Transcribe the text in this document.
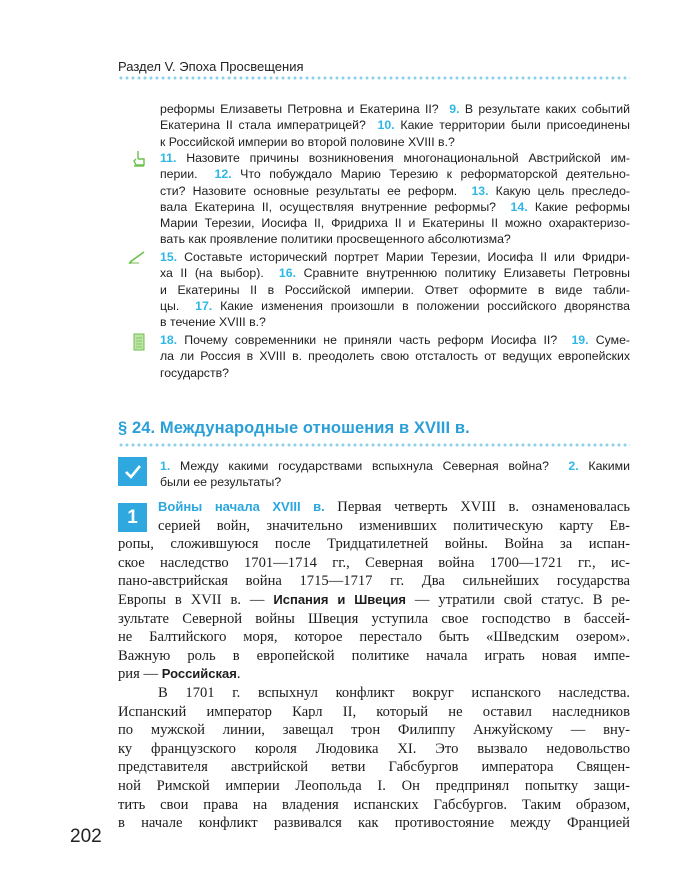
Раздел V. Эпоха Просвещения
реформы Елизаветы Петровна и Екатерина II? 9. В результате каких событий
Екатерина II стала императрицей? 10. Какие территории были присоединены
к Российской империи во второй половине XVIII в.?
11. Назовите причины возникновения многонациональной Австрийской им-
перии. 12. Что побуждало Марию Терезию к реформаторской деятельно-
сти? Назовите основные результаты ее реформ. 13. Какую цель преследо-
вала Екатерина II, осуществляя внутренние реформы? 14. Какие реформы
Марии Терезии, Иосифа II, Фридриха II и Екатерины II можно охарактеризо-
вать как проявление политики просвещенного абсолютизма?
15. Составьте исторический портрет Марии Терезии, Иосифа II или Фридри-
ха II (на выбор). 16. Сравните внутреннюю политику Елизаветы Петровны
и Екатерины II в Российской империи. Ответ оформите в виде табли-
цы. 17. Какие изменения произошли в положении российского дворянства
в течение XVIII в.?
18. Почему современники не приняли часть реформ Иосифа II? 19. Суме-
ла ли Россия в XVIII в. преодолеть свою отсталость от ведущих европейских
государств?
§ 24. Международные отношения в XVIII в.
1. Между какими государствами вспыхнула Северная война? 2. Какими
были ее результаты?
1	Войны начала XVIII в. Первая четверть XVIII в. ознаменовалась
серией войн, значительно изменивших политическую карту Ев-
ропы, сложившуюся после Тридцатилетней войны. Война за испан-
ское наследство 1701—1714 гг., Северная война 1700—1721 гг., ис-
пано-австрийская война 1715—1717 гг. Два сильнейших государства
Европы в XVII в. — Испания и Швеция — утратили свой статус. В ре-
зультате Северной войны Швеция уступила свое господство в бассей-
не Балтийского моря, которое перестало быть «Шведским озером».
Важную роль в европейской политике начала играть новая импе-
рия — Российская.
В 1701 г. вспыхнул конфликт вокруг испанского наследства.
Испанский император Карл II, который не оставил наследников
по мужской линии, завещал трон Филиппу Анжуйскому — вну-
ку французского короля Людовика XI. Это вызвало недовольство
представителя австрийской ветви Габсбургов императора Священ-
ной Римской империи Леопольда I. Он предпринял попытку защи-
тить свои права на владения испанских Габсбургов. Таким образом,
в начале конфликт развивался как противостояние между Францией
202
